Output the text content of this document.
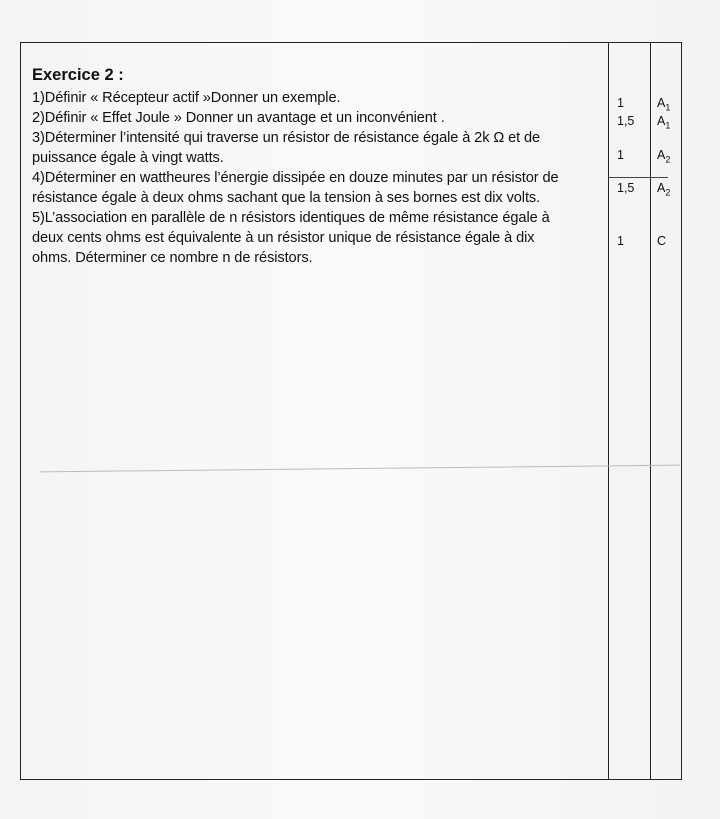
Exercice 2 :
1)Définir « Récepteur actif »Donner un exemple.
2)Définir « Effet Joule » Donner un avantage et un inconvénient .
3)Déterminer l’intensité qui traverse un résistor de résistance égale à 2k Ω et de
puissance égale à vingt watts.
4)Déterminer en wattheures l’énergie dissipée en douze minutes par un résistor de
résistance égale à deux ohms sachant que la tension à ses bornes est dix volts.
5)L’association en parallèle de n résistors identiques de même résistance égale à
deux cents ohms est équivalente à un résistor unique de résistance égale à dix
ohms. Déterminer ce nombre n de résistors.
1	$A_1$
1,5 $A_1$
1	$A_2$
1,5 $A_2$
1	C
